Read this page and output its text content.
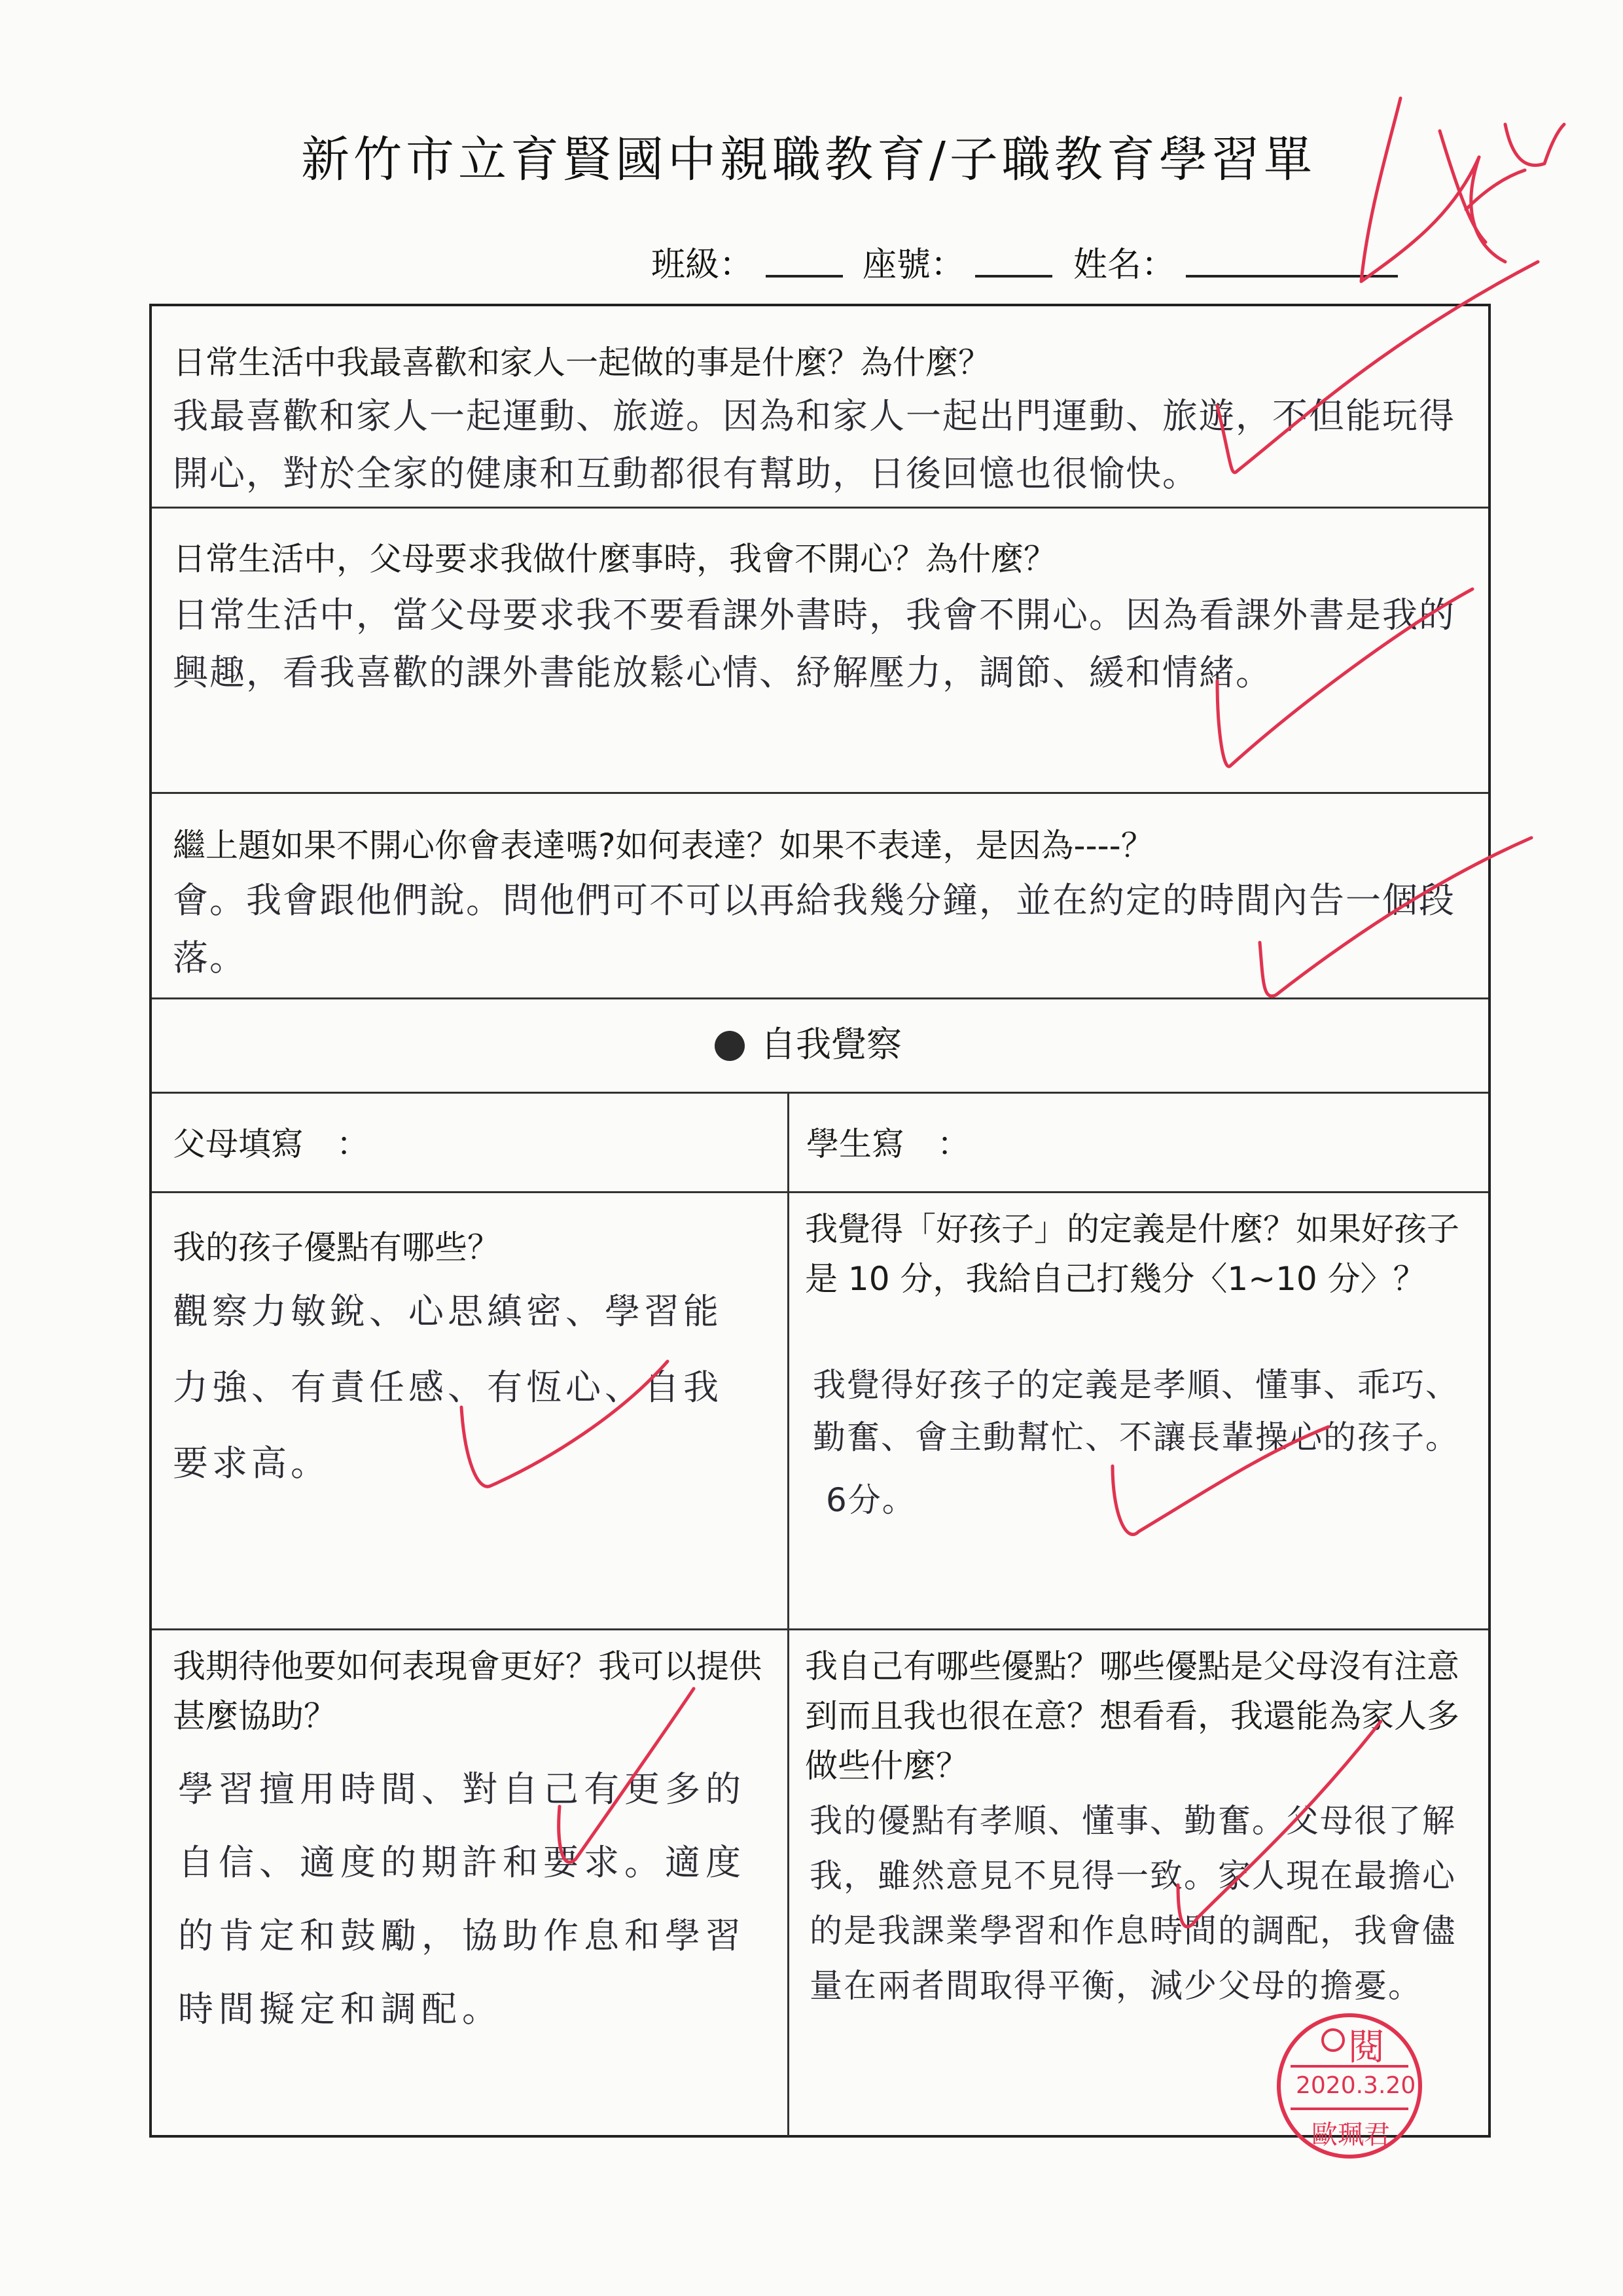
新竹市立育賢國中親職教育/子職教育學習單
班級：	座號：	姓名：
日常生活中我最喜歡和家人一起做的事是什麼？為什麼？
我最喜歡和家人一起運動、旅遊。因為和家人一起出門運動、旅遊，不但能玩得開心，對於全家的健康和互動都很有幫助，日後回憶也很愉快。
日常生活中，父母要求我做什麼事時，我會不開心？為什麼？
日常生活中，當父母要求我不要看課外書時，我會不開心。因為看課外書是我的興趣，看我喜歡的課外書能放鬆心情、紓解壓力，調節、緩和情緒。
繼上題如果不開心你會表達嗎?如何表達？如果不表達，是因為----？
會。我會跟他們說。問他們可不可以再給我幾分鐘，並在約定的時間內告一個段落。
自我覺察
父母填寫　：	學生寫　：
我的孩子優點有哪些？
觀察力敏銳、心思縝密、學習能力強、有責任感、有恆心、自我要求高。
我覺得「好孩子」的定義是什麼？如果好孩子是 10 分，我給自己打幾分〈1~10 分〉？
我覺得好孩子的定義是孝順、懂事、乖巧、勤奮、會主動幫忙、不讓長輩操心的孩子。
6分。
我期待他要如何表現會更好？我可以提供甚麼協助？
學習擅用時間、對自己有更多的自信、適度的期許和要求。適度的肯定和鼓勵，協助作息和學習時間擬定和調配。
我自己有哪些優點？哪些優點是父母沒有注意到而且我也很在意？想看看，我還能為家人多做些什麼？
我的優點有孝順、懂事、勤奮。父母很了解我，雖然意見不見得一致。家人現在最擔心的是我課業學習和作息時間的調配，我會儘量在兩者間取得平衡，減少父母的擔憂。
閱
2020.3.20
歐珮君
